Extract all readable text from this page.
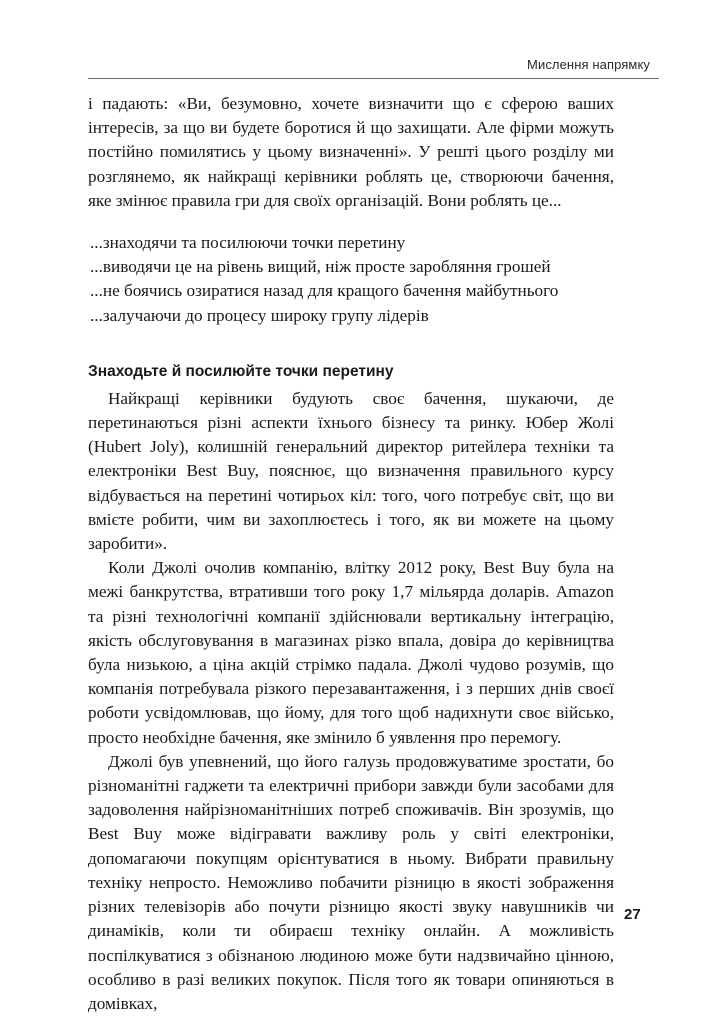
Мислення напрямку

і падають: «Ви, безумовно, хочете визначити що є сферою ваших інтересів, за що ви будете боротися й що захищати. Але фірми можуть постійно помилятись у цьому визначенні». У решті цього розділу ми розглянемо, як найкращі керівники роблять це, створюючи бачення, яке змінює правила гри для своїх організацій. Вони роблять це...

...знаходячи та посилюючи точки перетину
...виводячи це на рівень вищий, ніж просте заробляння грошей
...не боячись озиратися назад для кращого бачення майбутнього
...залучаючи до процесу широку групу лідерів
Знаходьте й посилюйте точки перетину

Найкращі керівники будують своє бачення, шукаючи, де перетинаються різні аспекти їхнього бізнесу та ринку. Юбер Жолі (Hubert Joly), колишній генеральний директор ритейлера техніки та електроніки Best Buy, пояснює, що визначення правильного курсу відбувається на перетині чотирьох кіл: того, чого потребує світ, що ви вмієте робити, чим ви захоплюєтесь і того, як ви можете на цьому заробити».

Коли Джолі очолив компанію, влітку 2012 року, Best Buy була на межі банкрутства, втративши того року 1,7 мільярда доларів. Amazon та різні технологічні компанії здійснювали вертикальну інтеграцію, якість обслуговування в магазинах різко впала, довіра до керівництва була низькою, а ціна акцій стрімко падала. Джолі чудово розумів, що компанія потребувала різкого перезавантаження, і з перших днів своєї роботи усвідомлював, що йому, для того щоб надихнути своє військо, просто необхідне бачення, яке змінило б уявлення про перемогу.

Джолі був упевнений, що його галузь продовжуватиме зростати, бо різноманітні гаджети та електричні прибори завжди були засобами для задоволення найрізноманітніших потреб споживачів. Він зрозумів, що Best Buy може відігравати важливу роль у світі електроніки, допомагаючи покупцям орієнтуватися в ньому. Вибрати правильну техніку непросто. Неможливо побачити різницю в якості зображення різних телевізорів або почути різницю якості звуку навушників чи динаміків, коли ти обираєш техніку онлайн. А можливість поспілкуватися з обізнаною людиною може бути надзвичайно цінною, особливо в разі великих покупок. Після того як товари опиняються в домівках,

27
